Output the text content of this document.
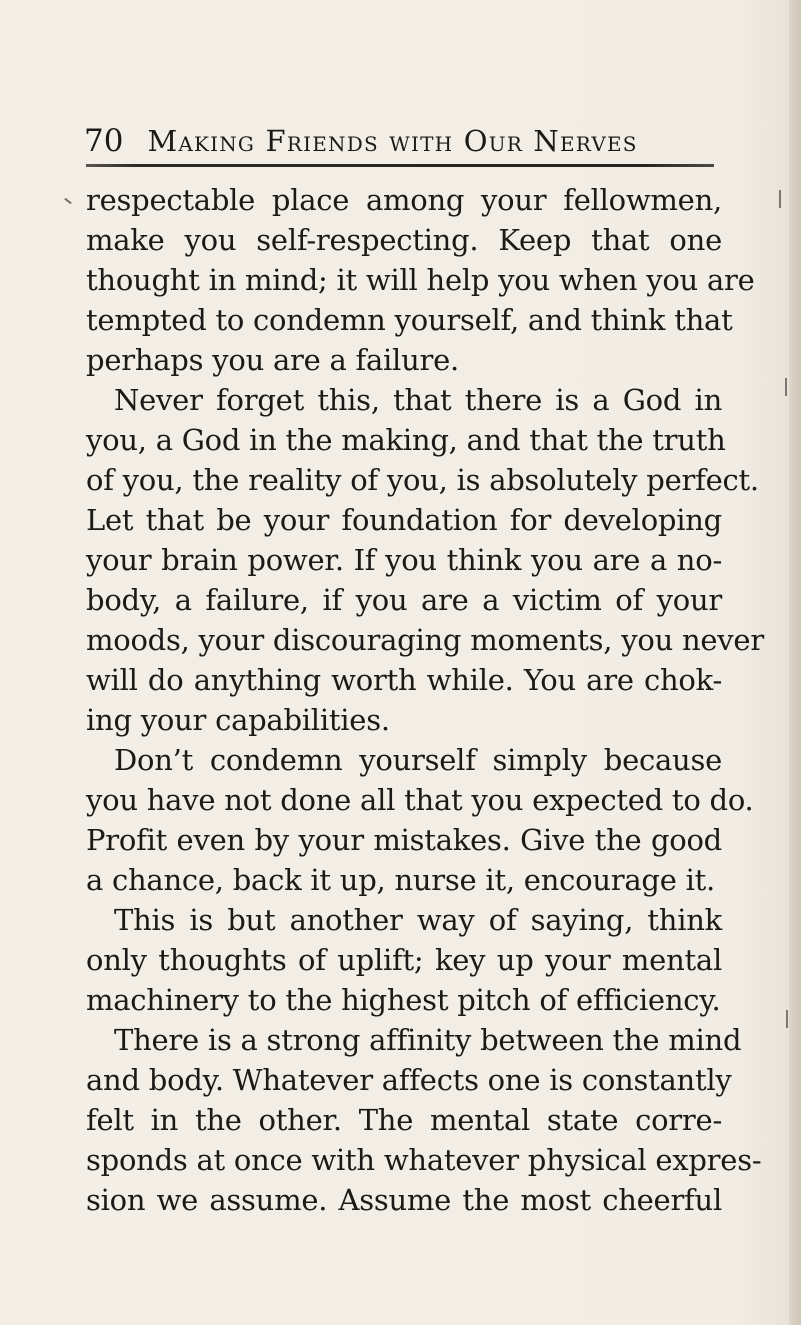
70 Making Friends with Our Nerves
respectable place among your fellowmen,
make you self-respecting. Keep that one
thought in mind; it will help you when you are
tempted to condemn yourself, and think that
perhaps you are a failure.
Never forget this, that there is a God in
you, a God in the making, and that the truth
of you, the reality of you, is absolutely perfect.
Let that be your foundation for developing
your brain power. If you think you are a no-
body, a failure, if you are a victim of your
moods, your discouraging moments, you never
will do anything worth while. You are chok-
ing your capabilities.
Don’t condemn yourself simply because
you have not done all that you expected to do.
Profit even by your mistakes. Give the good
a chance, back it up, nurse it, encourage it.
This is but another way of saying, think
only thoughts of uplift; key up your mental
machinery to the highest pitch of efficiency.
There is a strong affinity between the mind
and body. Whatever affects one is constantly
felt in the other. The mental state corre-
sponds at once with whatever physical expres-
sion we assume. Assume the most cheerful
